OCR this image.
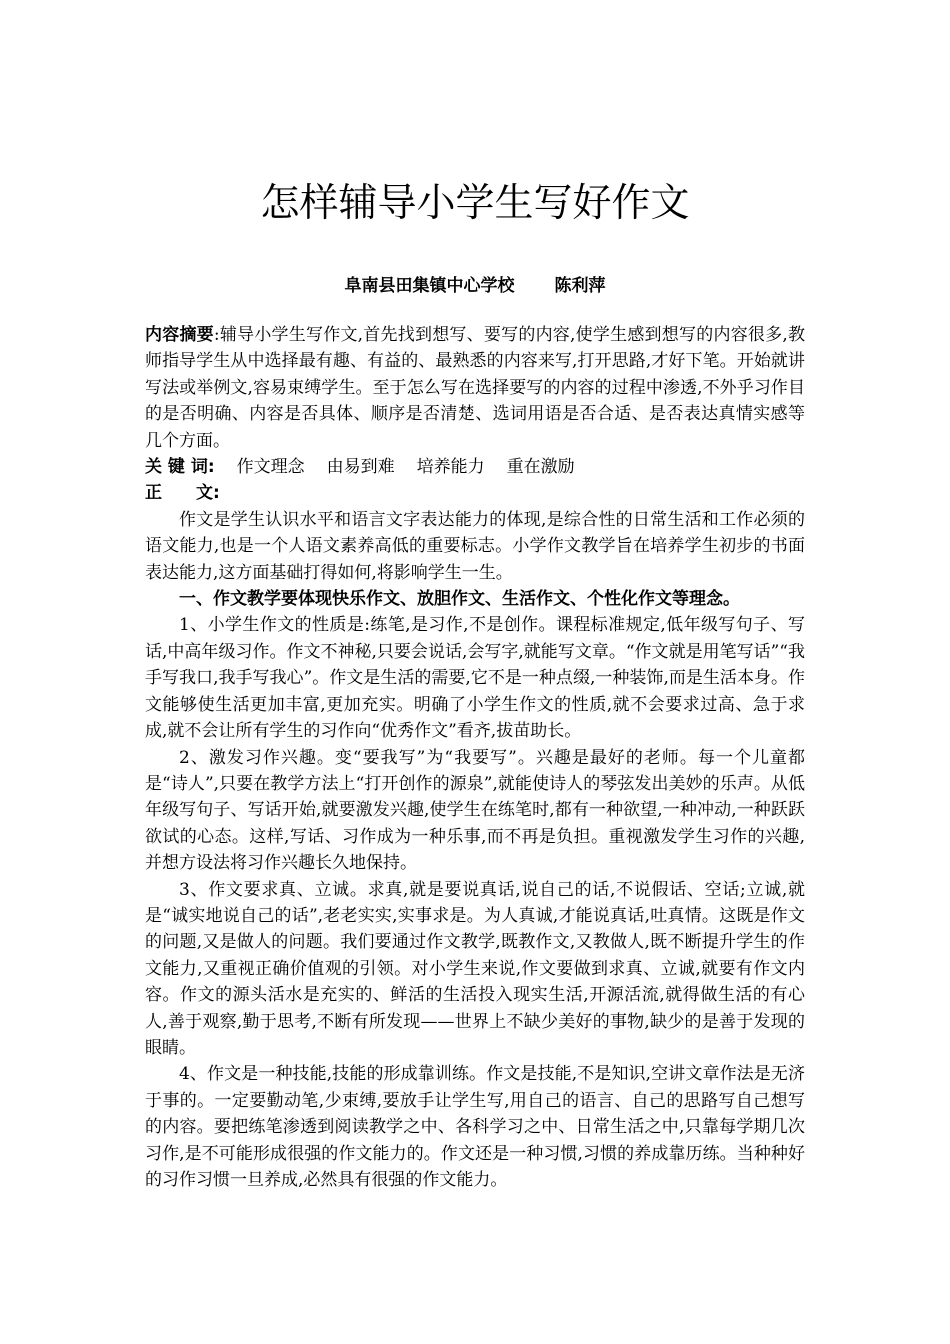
怎样辅导小学生写好作文
阜南县田集镇中心学校 陈利萍

内容摘要:辅导小学生写作文,首先找到想写、要写的内容,使学生感到想写的内容很多,教师指导学生从中选择最有趣、有益的、最熟悉的内容来写,打开思路,才好下笔。开始就讲写法或举例文,容易束缚学生。至于怎么写在选择要写的内容的过程中渗透,不外乎习作目的是否明确、内容是否具体、顺序是否清楚、选词用语是否合适、是否表达真情实感等几个方面。

关 键 词: 作文理念 由易到难 培养能力 重在激励

正　　文:

作文是学生认识水平和语言文字表达能力的体现,是综合性的日常生活和工作必须的语文能力,也是一个人语文素养高低的重要标志。小学作文教学旨在培养学生初步的书面表达能力,这方面基础打得如何,将影响学生一生。

一、作文教学要体现快乐作文、放胆作文、生活作文、个性化作文等理念。

1、小学生作文的性质是:练笔,是习作,不是创作。课程标准规定,低年级写句子、写话,中高年级习作。作文不神秘,只要会说话,会写字,就能写文章。“作文就是用笔写话”“我手写我口,我手写我心”。作文是生活的需要,它不是一种点缀,一种装饰,而是生活本身。作文能够使生活更加丰富,更加充实。明确了小学生作文的性质,就不会要求过高、急于求成,就不会让所有学生的习作向“优秀作文”看齐,拔苗助长。

2、激发习作兴趣。变“要我写”为“我要写”。兴趣是最好的老师。每一个儿童都是“诗人”,只要在教学方法上“打开创作的源泉”,就能使诗人的琴弦发出美妙的乐声。从低年级写句子、写话开始,就要激发兴趣,使学生在练笔时,都有一种欲望,一种冲动,一种跃跃欲试的心态。这样,写话、习作成为一种乐事,而不再是负担。重视激发学生习作的兴趣,并想方设法将习作兴趣长久地保持。

3、作文要求真、立诚。求真,就是要说真话,说自己的话,不说假话、空话;立诚,就是“诚实地说自己的话”,老老实实,实事求是。为人真诚,才能说真话,吐真情。这既是作文的问题,又是做人的问题。我们要通过作文教学,既教作文,又教做人,既不断提升学生的作文能力,又重视正确价值观的引领。对小学生来说,作文要做到求真、立诚,就要有作文内容。作文的源头活水是充实的、鲜活的生活投入现实生活,开源活流,就得做生活的有心人,善于观察,勤于思考,不断有所发现——世界上不缺少美好的事物,缺少的是善于发现的眼睛。

4、作文是一种技能,技能的形成靠训练。作文是技能,不是知识,空讲文章作法是无济于事的。一定要勤动笔,少束缚,要放手让学生写,用自己的语言、自己的思路写自己想写的内容。要把练笔渗透到阅读教学之中、各科学习之中、日常生活之中,只靠每学期几次习作,是不可能形成很强的作文能力的。作文还是一种习惯,习惯的养成靠历练。当种种好的习作习惯一旦养成,必然具有很强的作文能力。
